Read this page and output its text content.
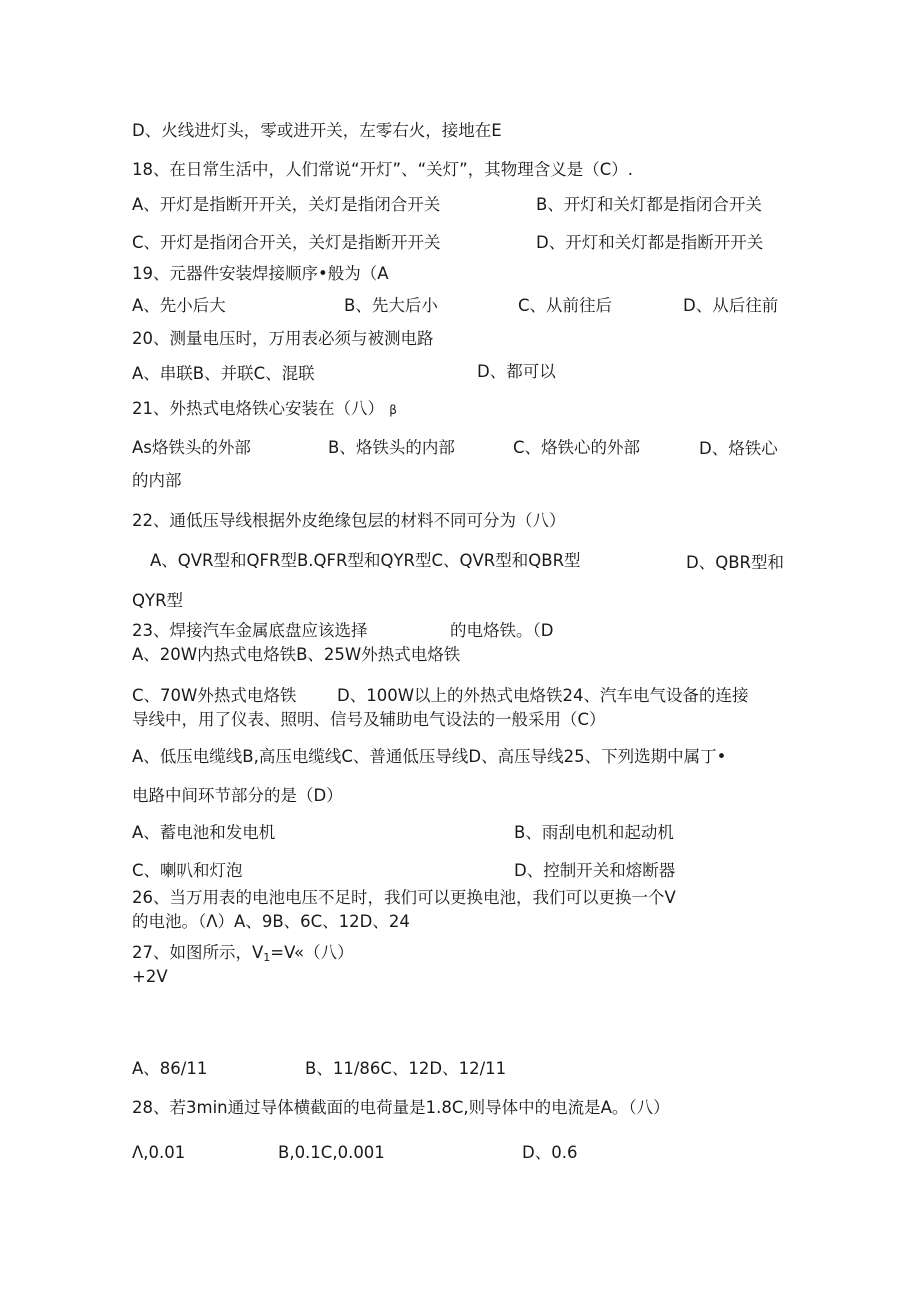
D、火线进灯头，零或进开关，左零右火，接地在E
18、在日常生活中，人们常说“开灯”、“关灯”，其物理含义是（C）.
A、开灯是指断开开关，关灯是指闭合开关	B、开灯和关灯都是指闭合开关
C、开灯是指闭合开关，关灯是指断开开关	D、开灯和关灯都是指断开开关
19、元器件安装焊接顺序•般为（A
A、先小后大	B、先大后小	C、从前往后	D、从后往前
20、测量电压时，万用表必须与被测电路
A、串联B、并联C、混联	D、都可以
21、外热式电烙铁心安装在（八） β
As烙铁头的外部	B、烙铁头的内部	C、烙铁心的外部	D、烙铁心
的内部
22、通低压导线根据外皮绝缘包层的材料不同可分为（八）
A、QVR型和QFR型B.QFR型和QYR型C、QVR型和QBR型	D、QBR型和
QYR型
23、焊接汽车金属底盘应该选择	的电烙铁。（D
A、20W内热式电烙铁B、25W外热式电烙铁
C、70W外热式电烙铁 D、100W以上的外热式电烙铁24、汽车电气设备的连接
导线中，用了仪表、照明、信号及辅助电气设法的一般采用（C）
A、低压电缆线B,高压电缆线C、普通低压导线D、高压导线25、下列选期中属丁•
电路中间环节部分的是（D）
A、蓄电池和发电机	B、雨刮电机和起动机
C、喇叭和灯泡	D、控制开关和熔断器
26、当万用表的电池电压不足时，我们可以更换电池，我们可以更换一个V
的电池。（Λ）A、9B、6C、12D、24
27、如图所示，$V_1=V«$（八）
+2V
A、86/11	B、11/86C、12D、12/11
28、若3min通过导体横截面的电荷量是1.8C,则导体中的电流是A。（八）
Λ,0.01	B,0.1C,0.001	D、0.6
